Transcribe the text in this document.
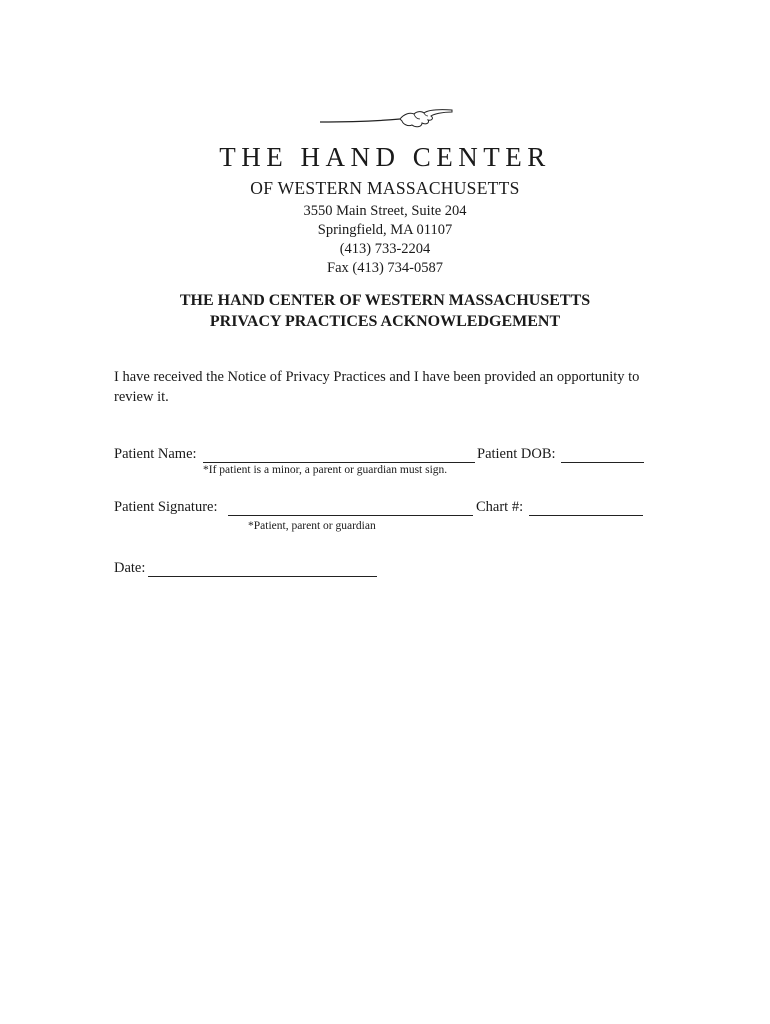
THE HAND CENTER
OF WESTERN MASSACHUSETTS
3550 Main Street, Suite 204
Springfield, MA 01107
(413) 733-2204
Fax (413) 734-0587
THE HAND CENTER OF WESTERN MASSACHUSETTS
PRIVACY PRACTICES ACKNOWLEDGEMENT
I have received the Notice of Privacy Practices and I have been provided an opportunity to review it.
Patient Name:	Patient DOB:
*If patient is a minor, a parent or guardian must sign.
Patient Signature:	Chart #:
*Patient, parent or guardian
Date:
